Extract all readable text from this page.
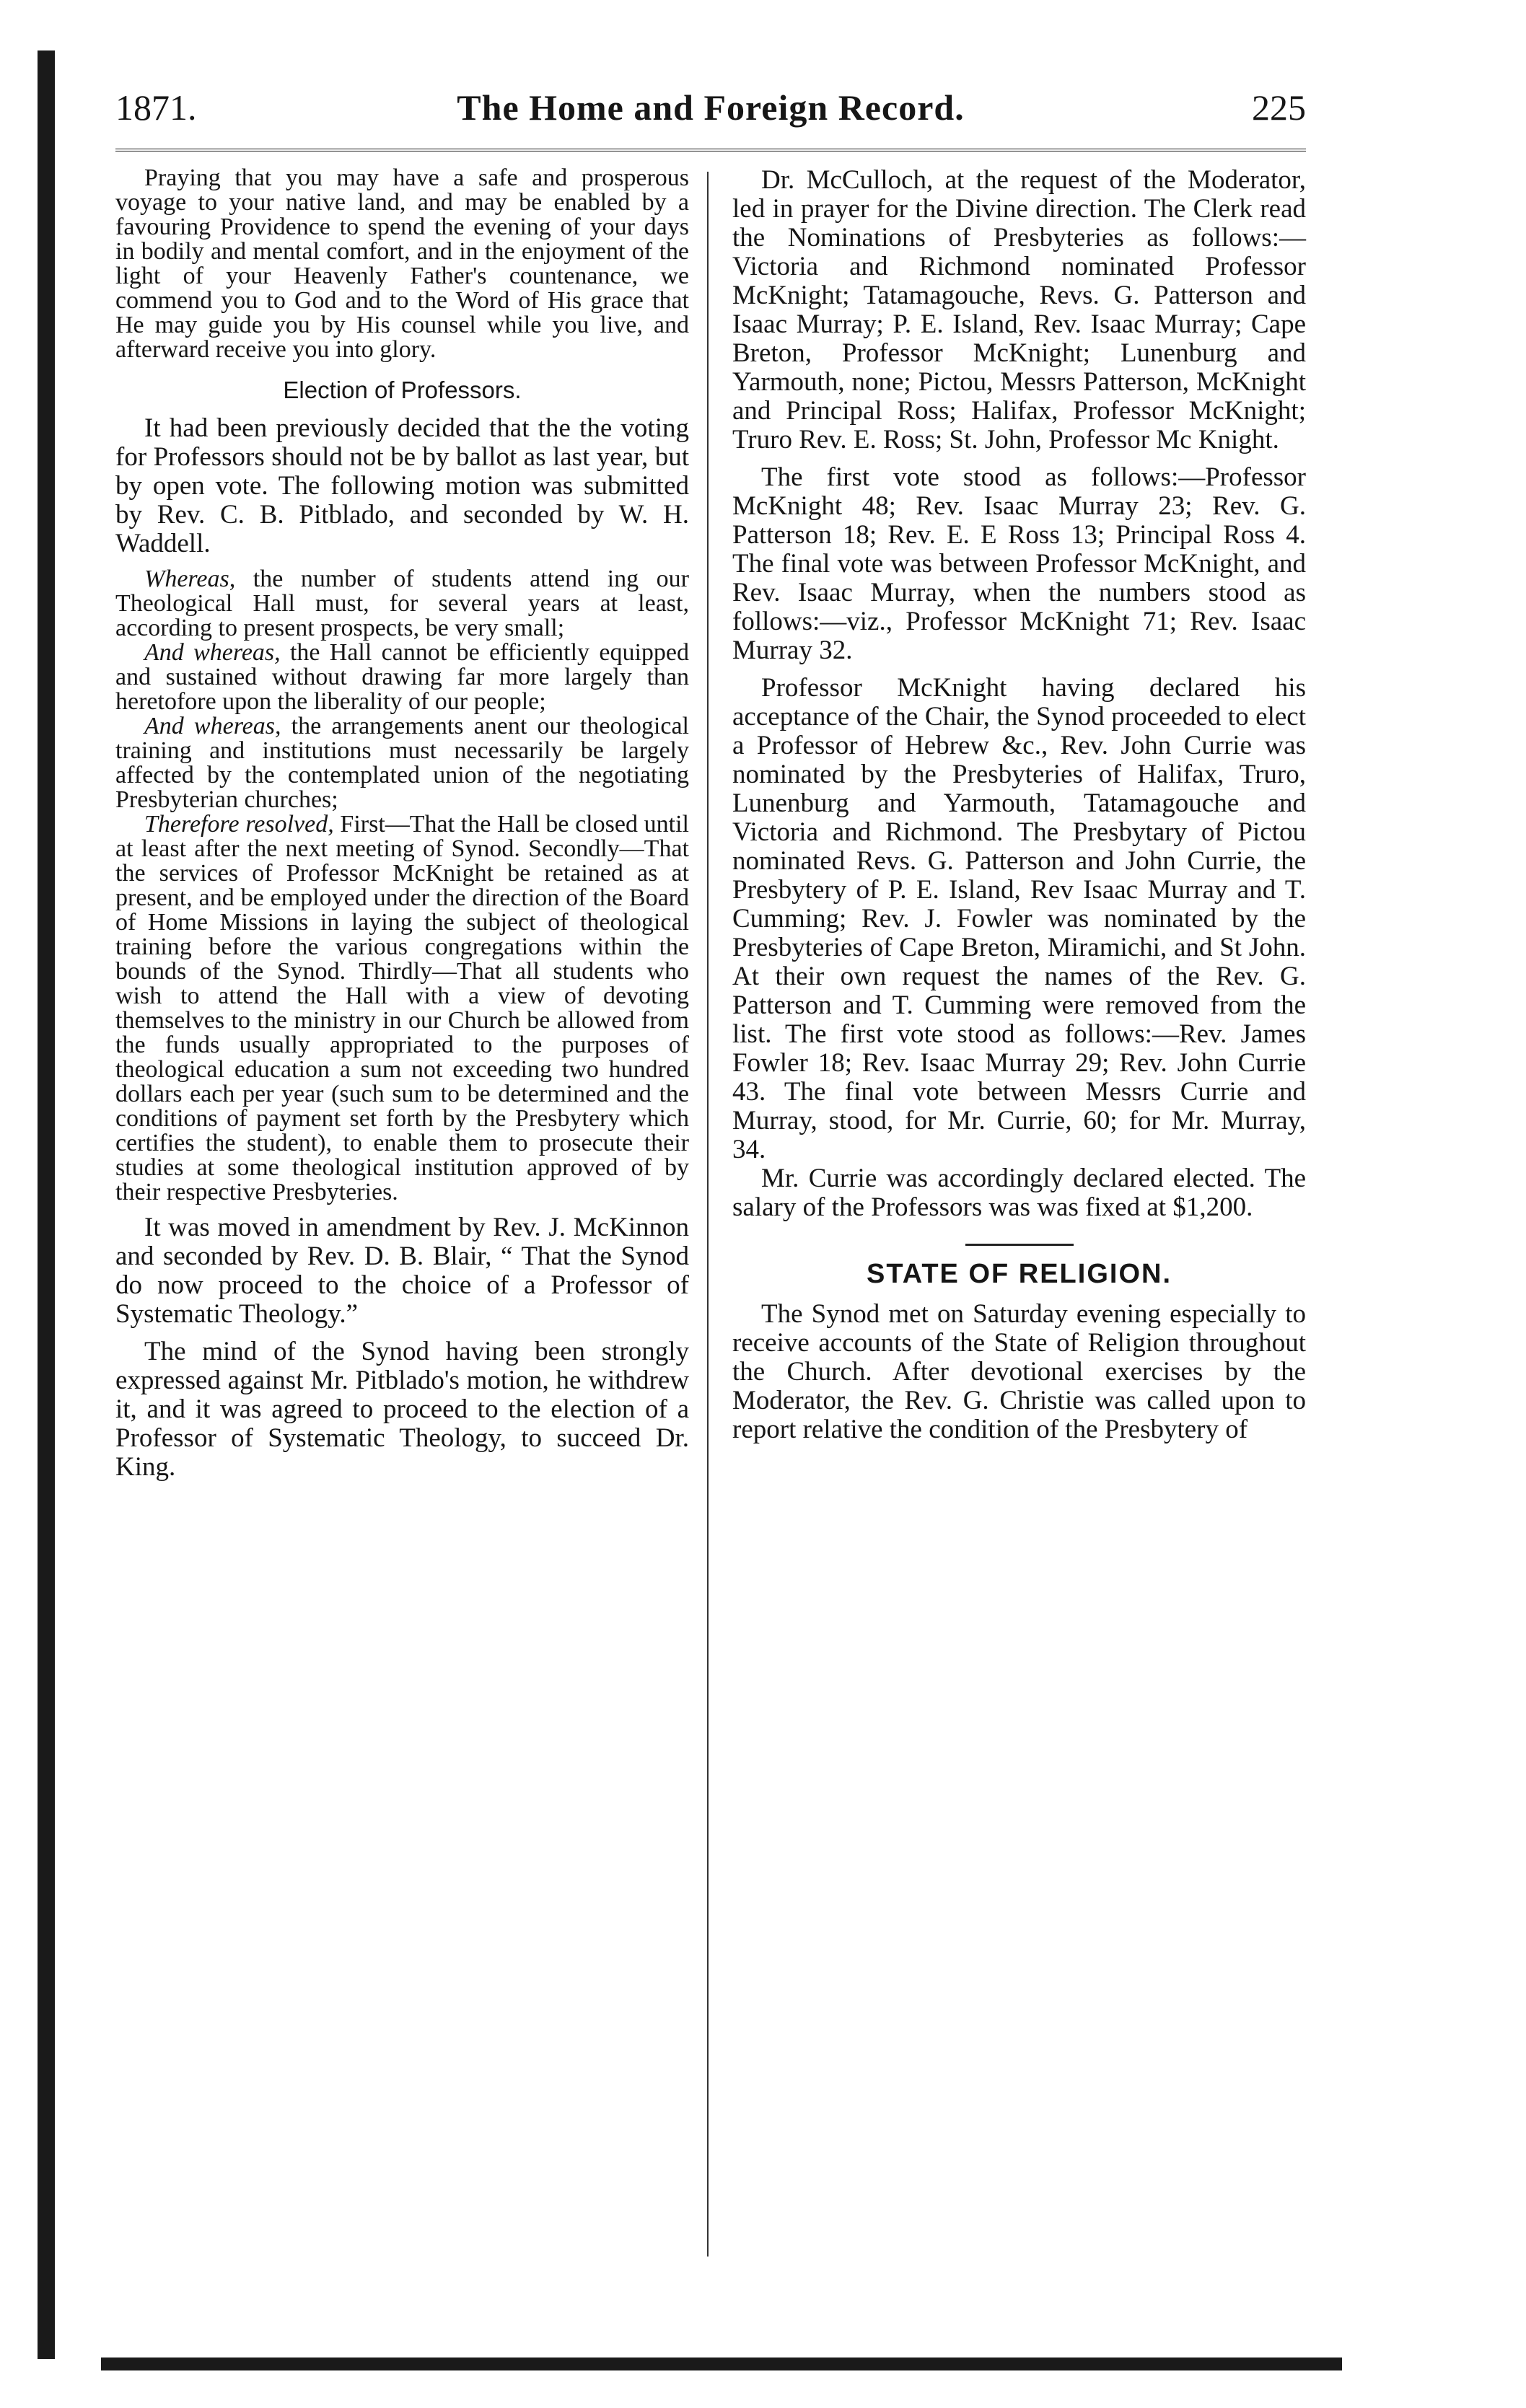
1871.	The Home and Foreign Record.	225

Praying that you may have a safe and prosperous voyage to your native land, and may be enabled by a favouring Providence to spend the evening of your days in bodily and mental comfort, and in the enjoyment of the light of your Heavenly Father's countenance, we commend you to God and to the Word of His grace that He may guide you by His counsel while you live, and afterward receive you into glory.

Election of Professors.

It had been previously decided that the the voting for Professors should not be by ballot as last year, but by open vote. The following motion was submitted by Rev. C. B. Pitblado, and seconded by W. H. Waddell.

Whereas, the number of students attend ing our Theological Hall must, for several years at least, according to present prospects, be very small;

And whereas, the Hall cannot be efficiently equipped and sustained without drawing far more largely than heretofore upon the liberality of our people;

And whereas, the arrangements anent our theological training and institutions must necessarily be largely affected by the contemplated union of the negotiating Presbyterian churches;

Therefore resolved, First—That the Hall be closed until at least after the next meeting of Synod. Secondly—That the services of Professor McKnight be retained as at present, and be employed under the direction of the Board of Home Missions in laying the subject of theological training before the various congregations within the bounds of the Synod. Thirdly—That all students who wish to attend the Hall with a view of devoting themselves to the ministry in our Church be allowed from the funds usually appropriated to the purposes of theological education a sum not exceeding two hundred dollars each per year (such sum to be determined and the conditions of payment set forth by the Presbytery which certifies the student), to enable them to prosecute their studies at some theological institution approved of by their respective Presbyteries.

It was moved in amendment by Rev. J. McKinnon and seconded by Rev. D. B. Blair, “ That the Synod do now proceed to the choice of a Professor of Systematic Theology.”

The mind of the Synod having been strongly expressed against Mr. Pitblado's motion, he withdrew it, and it was agreed to proceed to the election of a Professor of Systematic Theology, to succeed Dr. King.

Dr. McCulloch, at the request of the Moderator, led in prayer for the Divine direction. The Clerk read the Nominations of Presbyteries as follows:—Victoria and Richmond nominated Professor McKnight; Tatamagouche, Revs. G. Patterson and Isaac Murray; P. E. Island, Rev. Isaac Murray; Cape Breton, Professor McKnight; Lunenburg and Yarmouth, none; Pictou, Messrs Patterson, McKnight and Principal Ross; Halifax, Professor McKnight; Truro Rev. E. Ross; St. John, Professor Mc Knight.

The first vote stood as follows:—Professor McKnight 48; Rev. Isaac Murray 23; Rev. G. Patterson 18; Rev. E. E Ross 13; Principal Ross 4. The final vote was between Professor McKnight, and Rev. Isaac Murray, when the numbers stood as follows:—viz., Professor McKnight 71; Rev. Isaac Murray 32.

Professor McKnight having declared his acceptance of the Chair, the Synod proceeded to elect a Professor of Hebrew &c., Rev. John Currie was nominated by the Presbyteries of Halifax, Truro, Lunenburg and Yarmouth, Tatamagouche and Victoria and Richmond. The Presbytary of Pictou nominated Revs. G. Patterson and John Currie, the Presbytery of P. E. Island, Rev Isaac Murray and T. Cumming; Rev. J. Fowler was nominated by the Presbyteries of Cape Breton, Miramichi, and St John. At their own request the names of the Rev. G. Patterson and T. Cumming were removed from the list. The first vote stood as follows:—Rev. James Fowler 18; Rev. Isaac Murray 29; Rev. John Currie 43. The final vote between Messrs Currie and Murray, stood, for Mr. Currie, 60; for Mr. Murray, 34.

Mr. Currie was accordingly declared elected. The salary of the Professors was was fixed at $1,200.

STATE OF RELIGION.

The Synod met on Saturday evening especially to receive accounts of the State of Religion throughout the Church. After devotional exercises by the Moderator, the Rev. G. Christie was called upon to report relative the condition of the Presbytery of
